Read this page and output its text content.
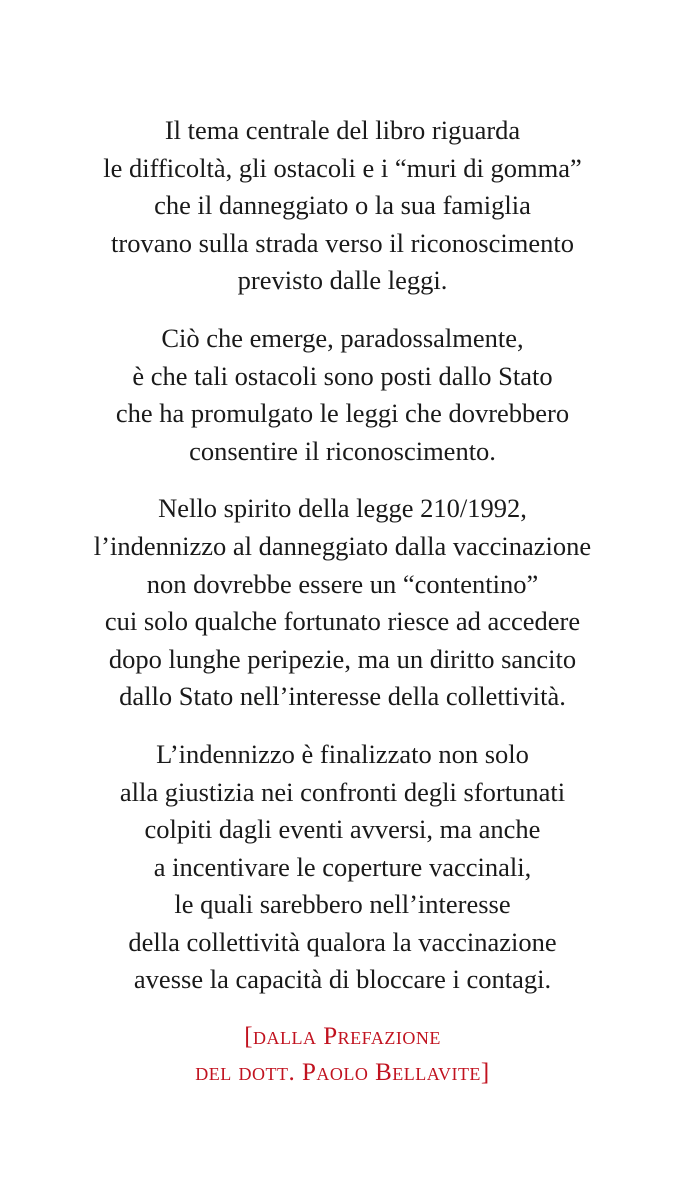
Il tema centrale del libro riguarda
le difficoltà, gli ostacoli e i “muri di gomma”
che il danneggiato o la sua famiglia
trovano sulla strada verso il riconoscimento
previsto dalle leggi.

Ciò che emerge, paradossalmente,
è che tali ostacoli sono posti dallo Stato
che ha promulgato le leggi che dovrebbero
consentire il riconoscimento.

Nello spirito della legge 210/1992,
l’indennizzo al danneggiato dalla vaccinazione
non dovrebbe essere un “contentino”
cui solo qualche fortunato riesce ad accedere
dopo lunghe peripezie, ma un diritto sancito
dallo Stato nell’interesse della collettività.

L’indennizzo è finalizzato non solo
alla giustizia nei confronti degli sfortunati
colpiti dagli eventi avversi, ma anche
a incentivare le coperture vaccinali,
le quali sarebbero nell’interesse
della collettività qualora la vaccinazione
avesse la capacità di bloccare i contagi.

[dalla Prefazione
del dott. Paolo Bellavite]
